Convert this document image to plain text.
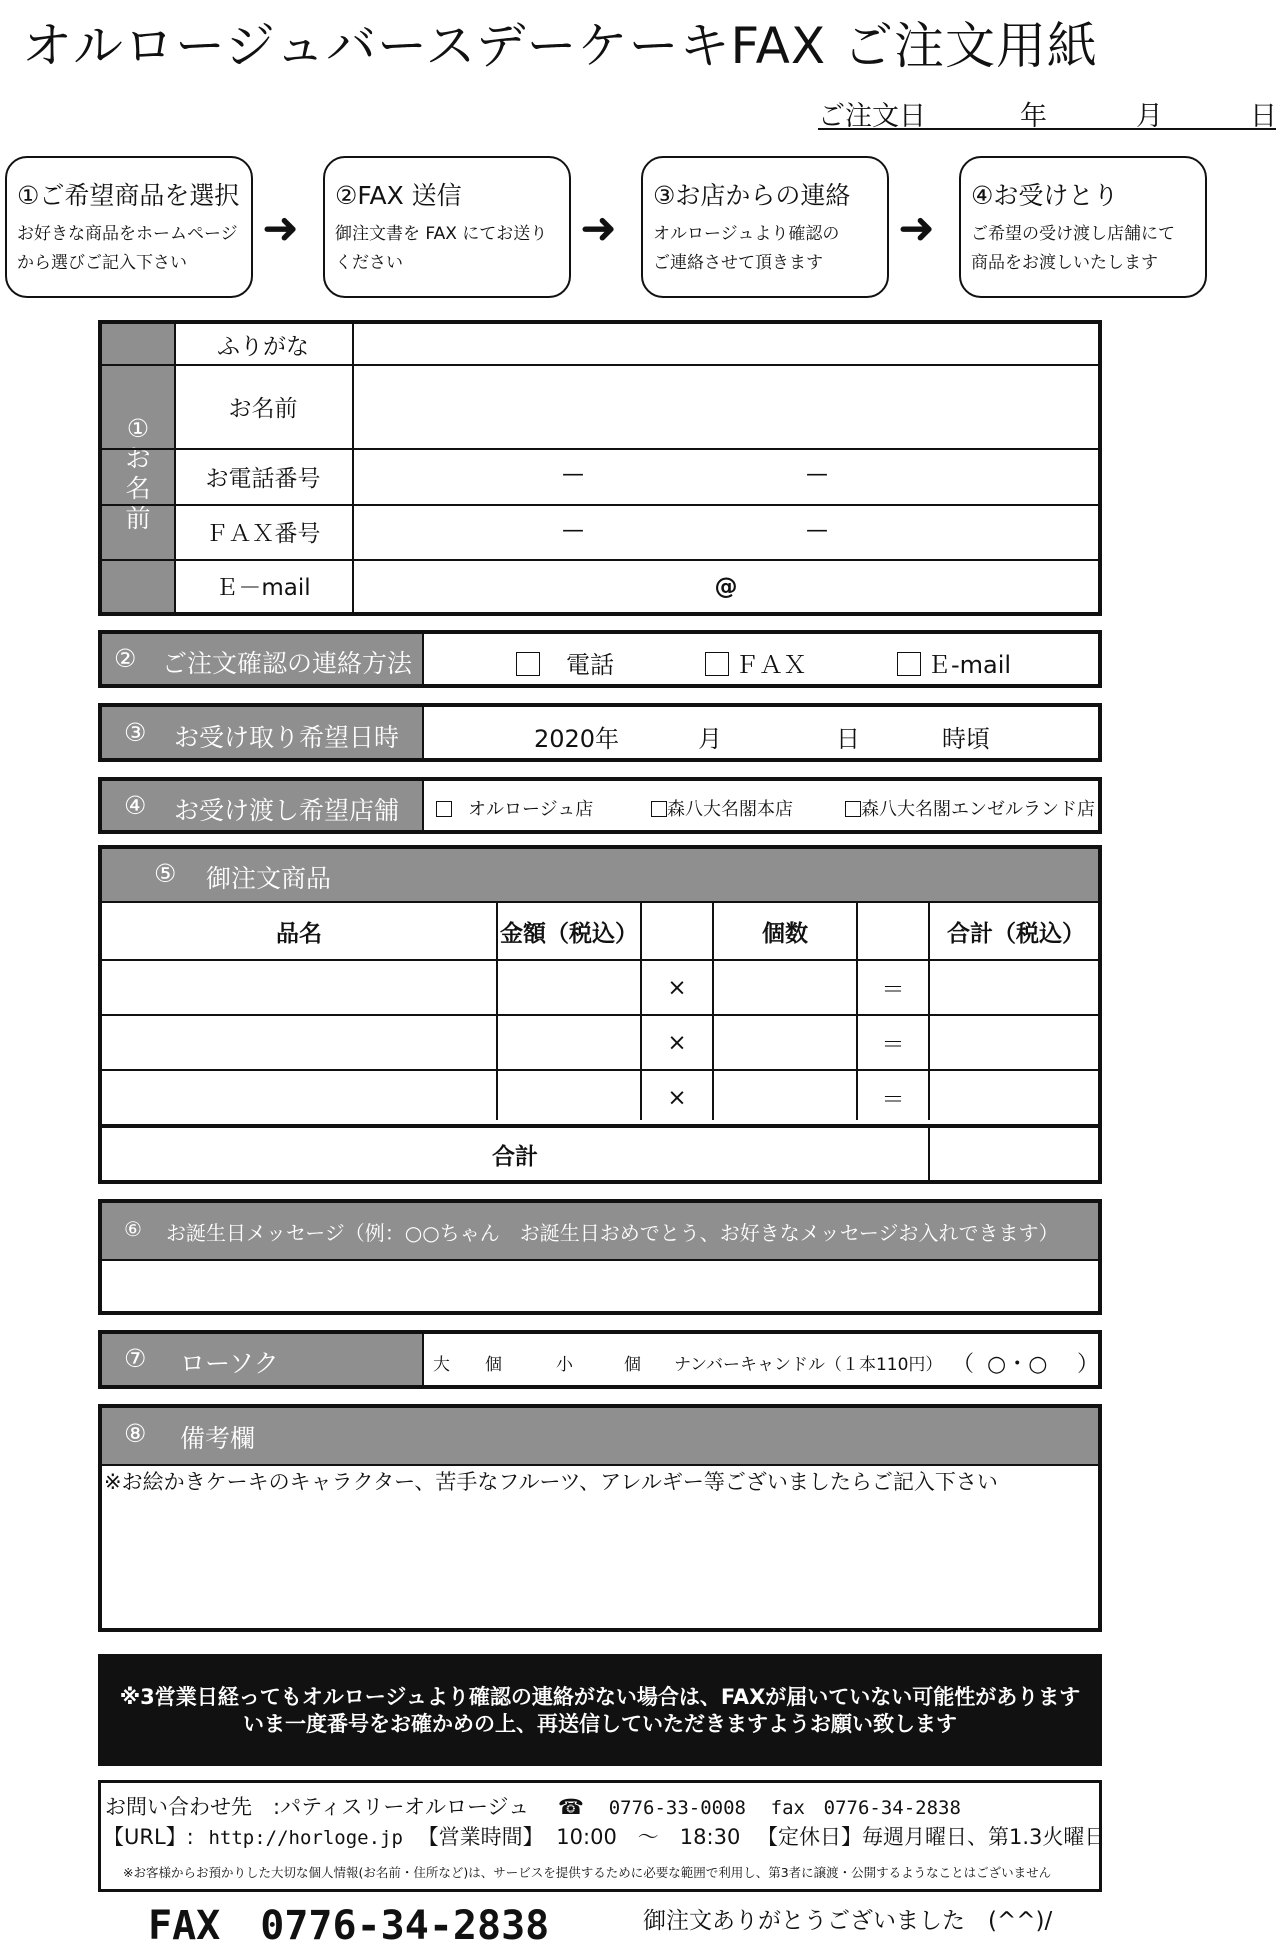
オルロージュバースデーケーキFAX ご注文用紙
ご注文日	年	月	日
①ご希望商品を選択
お好きな商品をホームページ
から選びご記入下さい
➜
②FAX 送信
御注文書を FAX にてお送り
ください
➜
③お店からの連絡
オルロージュより確認の
ご連絡させて頂きます
➜
④お受けとり
ご希望の受け渡し店舗にて
商品をお渡しいたします
①お名前
ふりがな
お名前
お電話番号	—	—
ＦＡＸ番号	—	—
Ｅ－mail	@
② ご注文確認の連絡方法	電話	ＦＡＸ	Ｅ-mail
③ お受け取り希望日時	2020年	月	日	時頃
④ お受け渡し希望店舗	オルロージュ店	森八大名閣本店	森八大名閣エンゼルランド店
⑤ 御注文商品
品名	金額（税込）	個数	合計（税込）
×	＝
×	＝
×	＝
合計
⑥ お誕生日メッセージ（例：○○ちゃん　お誕生日おめでとう、お好きなメッセージお入れできます）
⑦ ローソク	大 個	小	個	ナンバーキャンドル（１本110円） （ ○・○ ）
⑧ 備考欄
※お絵かきケーキのキャラクター、苦手なフルーツ、アレルギー等ございましたらご記入下さい
※3営業日経ってもオルロージュより確認の連絡がない場合は、FAXが届いていない可能性があります
いま一度番号をお確かめの上、再送信していただきますようお願い致します
お問い合わせ先　:パティスリーオルロージュ ☎ 0776-33-0008 fax 0776-34-2838
【URL】: http://horloge.jp 【営業時間】 10:00　～　18:30 【定休日】毎週月曜日、第1.3火曜日
※お客様からお預かりした大切な個人情報(お名前・住所など)は、サービスを提供するために必要な範囲で利用し、第3者に譲渡・公開するようなことはございません
FAX　0776-34-2838	御注文ありがとうございました　(^^)/
